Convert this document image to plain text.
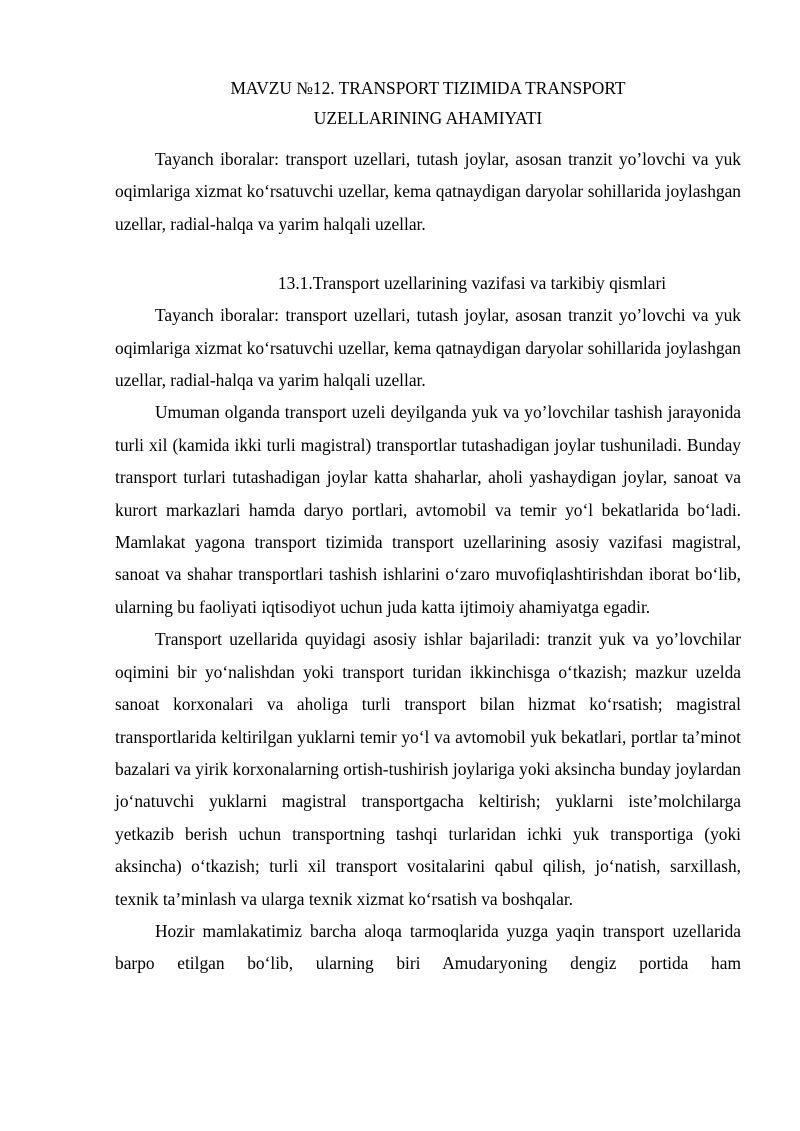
MAVZU №12. TRANSPORT TIZIMIDA TRANSPORT
UZELLARINING AHAMIYATI

Tayanch iboralar: transport uzellari, tutash joylar, asosan tranzit yo’lovchi va yuk oqimlariga xizmat ko‘rsatuvchi uzellar, kema qatnaydigan daryolar sohillarida joylashgan uzellar, radial-halqa va yarim halqali uzellar.

13.1.Transport uzellarining vazifasi va tarkibiy qismlari

Tayanch iboralar: transport uzellari, tutash joylar, asosan tranzit yo’lovchi va yuk oqimlariga xizmat ko‘rsatuvchi uzellar, kema qatnaydigan daryolar sohillarida joylashgan uzellar, radial-halqa va yarim halqali uzellar.

Umuman olganda transport uzeli deyilganda yuk va yo’lovchilar tashish jarayonida turli xil (kamida ikki turli magistral) transportlar tutashadigan joylar tushuniladi. Bunday transport turlari tutashadigan joylar katta shaharlar, aholi yashaydigan joylar, sanoat va kurort markazlari hamda daryo portlari, avtomobil va temir yo‘l bekatlarida bo‘ladi. Mamlakat yagona transport tizimida transport uzellarining asosiy vazifasi magistral, sanoat va shahar transportlari tashish ishlarini o‘zaro muvofiqlashtirishdan iborat bo‘lib, ularning bu faoliyati iqtisodiyot uchun juda katta ijtimoiy ahamiyatga egadir.

Transport uzellarida quyidagi asosiy ishlar bajariladi: tranzit yuk va yo’lovchilar oqimini bir yo‘nalishdan yoki transport turidan ikkinchisga o‘tkazish; mazkur uzelda sanoat korxonalari va aholiga turli transport bilan hizmat ko‘rsatish; magistral transportlarida keltirilgan yuklarni temir yo‘l va avtomobil yuk bekatlari, portlar ta’minot bazalari va yirik korxonalarning ortish-tushirish joylariga yoki aksincha bunday joylardan jo‘natuvchi yuklarni magistral transportgacha keltirish; yuklarni iste’molchilarga yetkazib berish uchun transportning tashqi turlaridan ichki yuk transportiga (yoki aksincha) o‘tkazish; turli xil transport vositalarini qabul qilish, jo‘natish, sarxillash, texnik ta’minlash va ularga texnik xizmat ko‘rsatish va boshqalar.

Hozir mamlakatimiz barcha aloqa tarmoqlarida yuzga yaqin transport uzellarida barpo etilgan bo‘lib, ularning biri Amudaryoning dengiz portida ham
